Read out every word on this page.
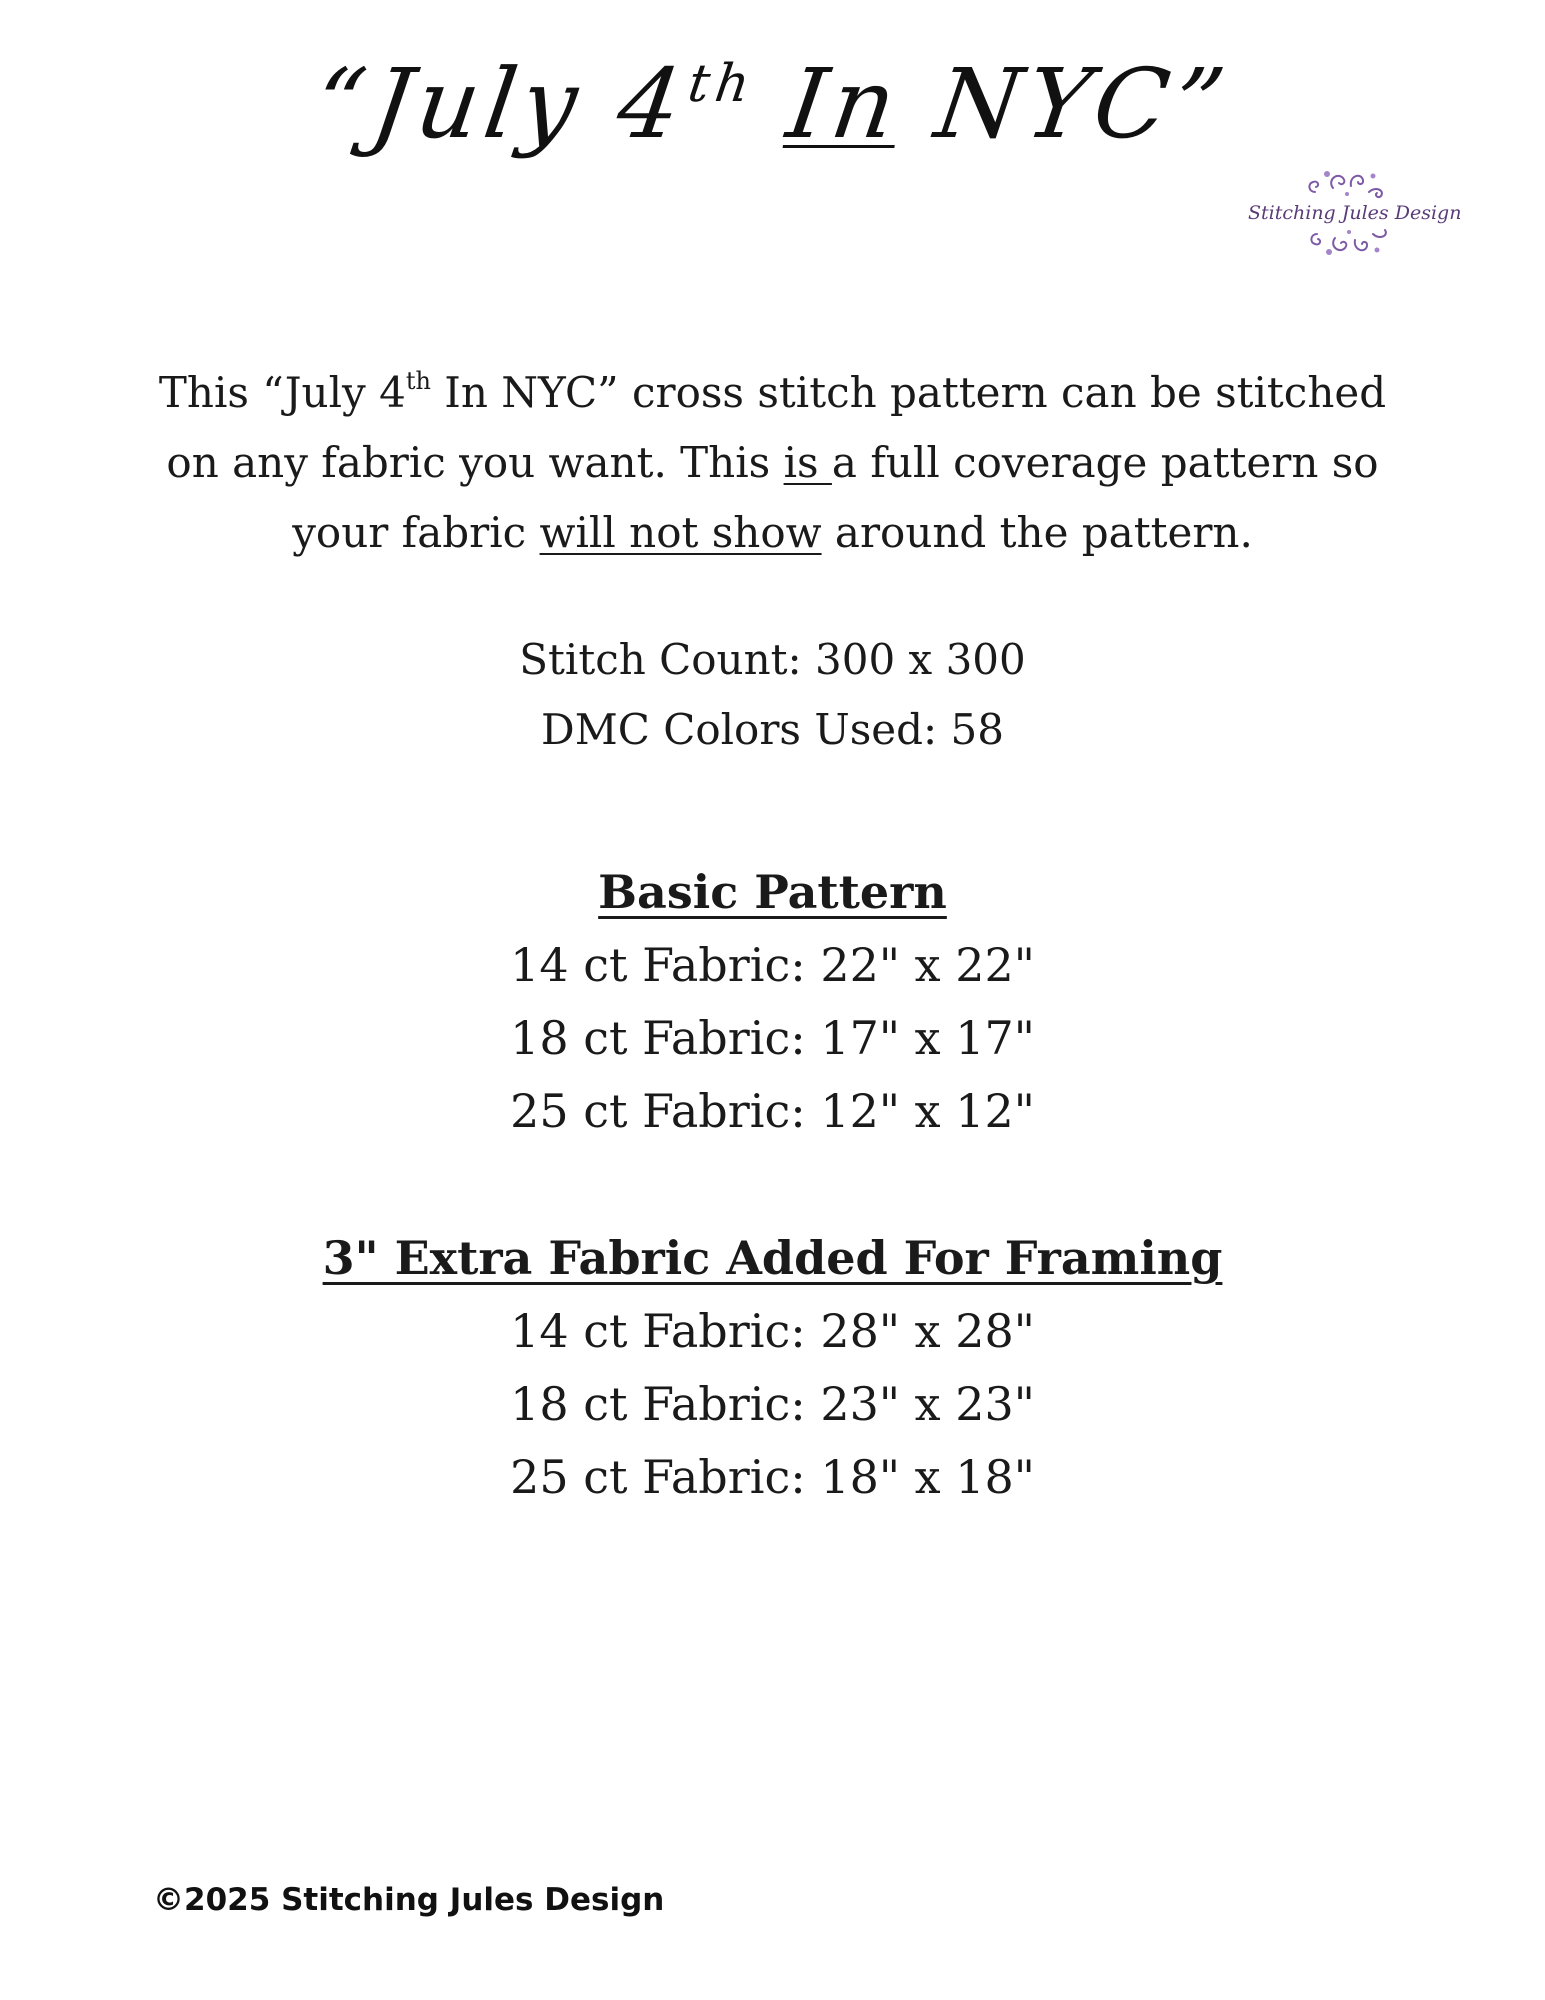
“July 4th In NYC”
Stitching Jules Design
This “July 4th In NYC” cross stitch pattern can be stitched
on any fabric you want. This is a full coverage pattern so
your fabric will not show around the pattern.
Stitch Count: 300 x 300
DMC Colors Used: 58
Basic Pattern
14 ct Fabric: 22" x 22"
18 ct Fabric: 17" x 17"
25 ct Fabric: 12" x 12"
3" Extra Fabric Added For Framing
14 ct Fabric: 28" x 28"
18 ct Fabric: 23" x 23"
25 ct Fabric: 18" x 18"
©2025 Stitching Jules Design
